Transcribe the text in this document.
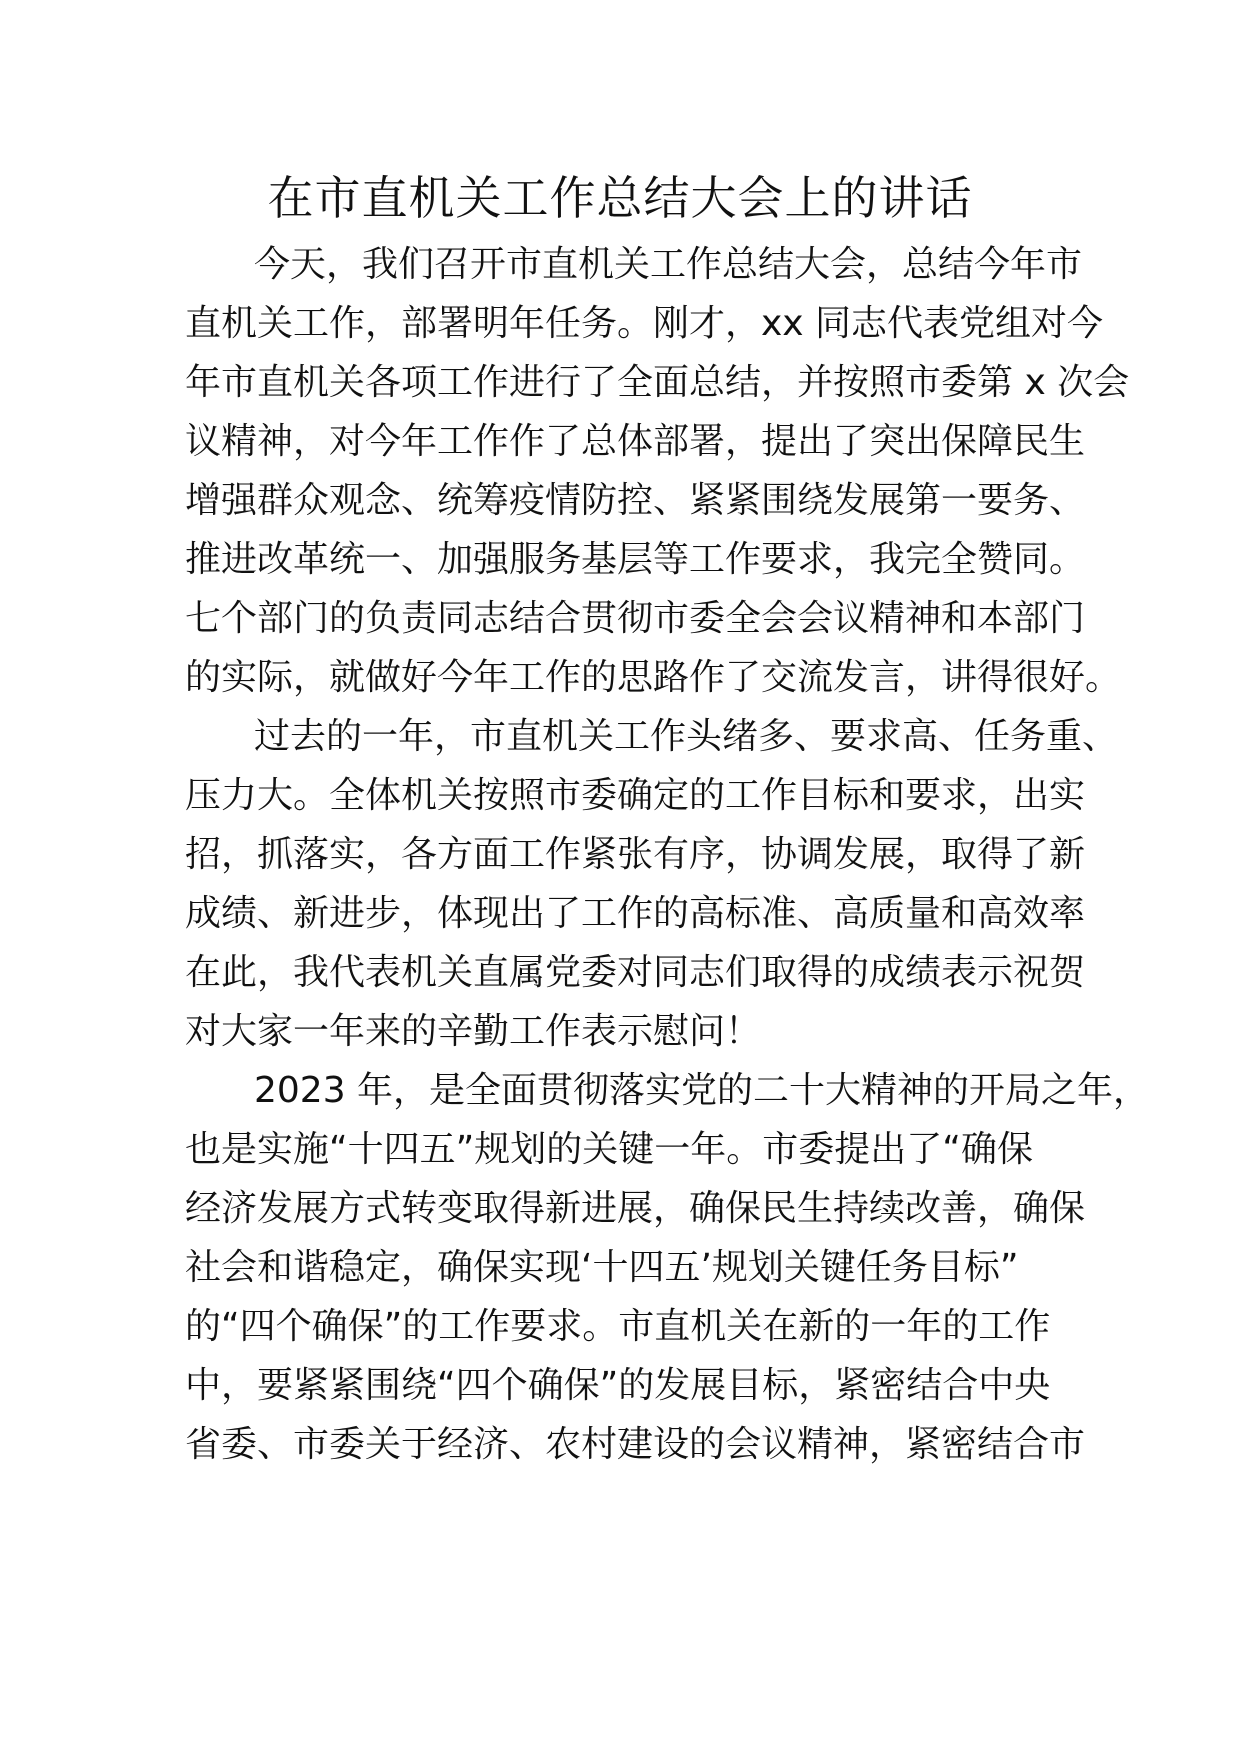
在市直机关工作总结大会上的讲话
今天，我们召开市直机关工作总结大会，总结今年市
直机关工作，部署明年任务。刚才，xx 同志代表党组对今
年市直机关各项工作进行了全面总结，并按照市委第 x 次会
议精神，对今年工作作了总体部署，提出了突出保障民生
增强群众观念、统筹疫情防控、紧紧围绕发展第一要务、
推进改革统一、加强服务基层等工作要求，我完全赞同。
七个部门的负责同志结合贯彻市委全会会议精神和本部门
的实际，就做好今年工作的思路作了交流发言，讲得很好。
过去的一年，市直机关工作头绪多、要求高、任务重、
压力大。全体机关按照市委确定的工作目标和要求，出实
招，抓落实，各方面工作紧张有序，协调发展，取得了新
成绩、新进步，体现出了工作的高标准、高质量和高效率
在此，我代表机关直属党委对同志们取得的成绩表示祝贺
对大家一年来的辛勤工作表示慰问！
2023 年，是全面贯彻落实党的二十大精神的开局之年，
也是实施“十四五”规划的关键一年。市委提出了“确保
经济发展方式转变取得新进展，确保民生持续改善，确保
社会和谐稳定，确保实现‘十四五’规划关键任务目标”
的“四个确保”的工作要求。市直机关在新的一年的工作
中，要紧紧围绕“四个确保”的发展目标，紧密结合中央
省委、市委关于经济、农村建设的会议精神，紧密结合市
